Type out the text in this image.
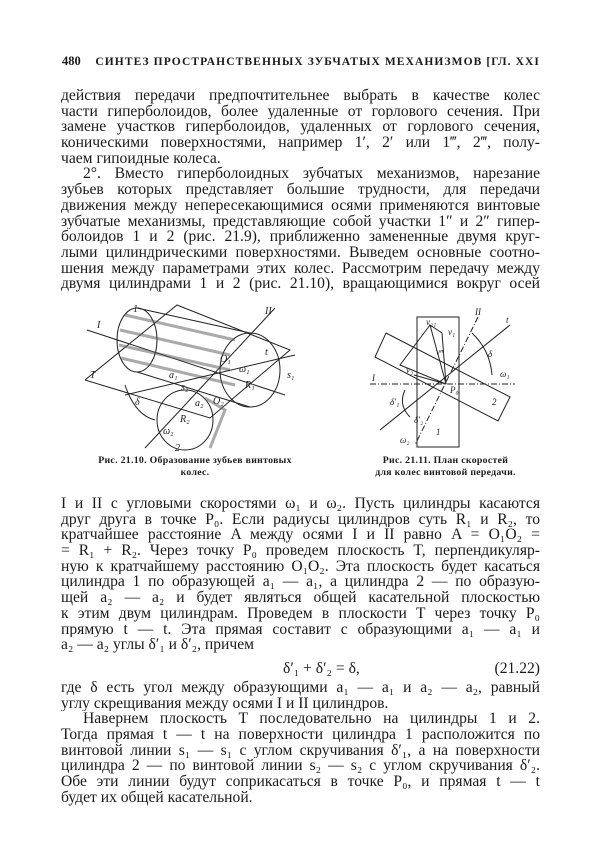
480 СИНТЕЗ ПРОСТРАНСТВЕННЫХ ЗУБЧАТЫХ МЕХАНИЗМОВ [ГЛ. XXI
действия передачи предпочтительнее выбрать в качестве колес
части гиперболоидов, более удаленные от горлового сечения. При
замене участков гиперболоидов, удаленных от горлового сечения,
коническими поверхностями, например 1′, 2′ или 1‴, 2‴, полу-
чаем гипоидные колеса.
2°. Вместо гиперболоидных зубчатых механизмов, нарезание
зубьев которых представляет большие трудности, для передачи
движения между непересекающимися осями применяются винтовые
зубчатые механизмы, представляющие собой участки 1″ и 2″ гипер-
болоидов 1 и 2 (рис. 21.9), приближенно замененные двумя круг-
лыми цилиндрическими поверхностями. Выведем основные соотно-
шения между параметрами этих колес. Рассмотрим передачу между
двумя цилиндрами 1 и 2 (рис. 21.10), вращающимися вокруг осей
1
2
I
II
T
t
R₁
R₂
O₁
O₂
ω₁
ω₂
δ
s₁
s₂
a₁
a₂
v₁
v₂
v₂₁
vⁿ
P₀
I
II
t
ω₁
ω₂
δ
δ′₁
δ′₂
1
2
Рис. 21.10. Образование зубьев винтовых
колес.
Рис. 21.11. План скоростей
для колес винтовой передачи.
I и II с угловыми скоростями ω₁ и ω₂. Пусть цилиндры касаются
друг друга в точке P₀. Если радиусы цилиндров суть R₁ и R₂, то
кратчайшее расстояние A между осями I и II равно A = O₁O₂ =
= R₁ + R₂. Через точку P₀ проведем плоскость T, перпендикуляр-
ную к кратчайшему расстоянию O₁O₂. Эта плоскость будет касаться
цилиндра 1 по образующей a₁ — a₁, а цилиндра 2 — по образую-
щей a₂ — a₂ и будет являться общей касательной плоскостью
к этим двум цилиндрам. Проведем в плоскости T через точку P₀
прямую t — t. Эта прямая составит с образующими a₁ — a₁ и
a₂ — a₂ углы δ′₁ и δ′₂, причем
δ′₁ + δ′₂ = δ,	(21.22)
где δ есть угол между образующими a₁ — a₁ и a₂ — a₂, равный
углу скрещивания между осями I и II цилиндров.
Навернем плоскость T последовательно на цилиндры 1 и 2.
Тогда прямая t — t на поверхности цилиндра 1 расположится по
винтовой линии s₁ — s₁ с углом скручивания δ′₁, а на поверхности
цилиндра 2 — по винтовой линии s₂ — s₂ с углом скручивания δ′₂.
Обе эти линии будут соприкасаться в точке P₀, и прямая t — t
будет их общей касательной.
